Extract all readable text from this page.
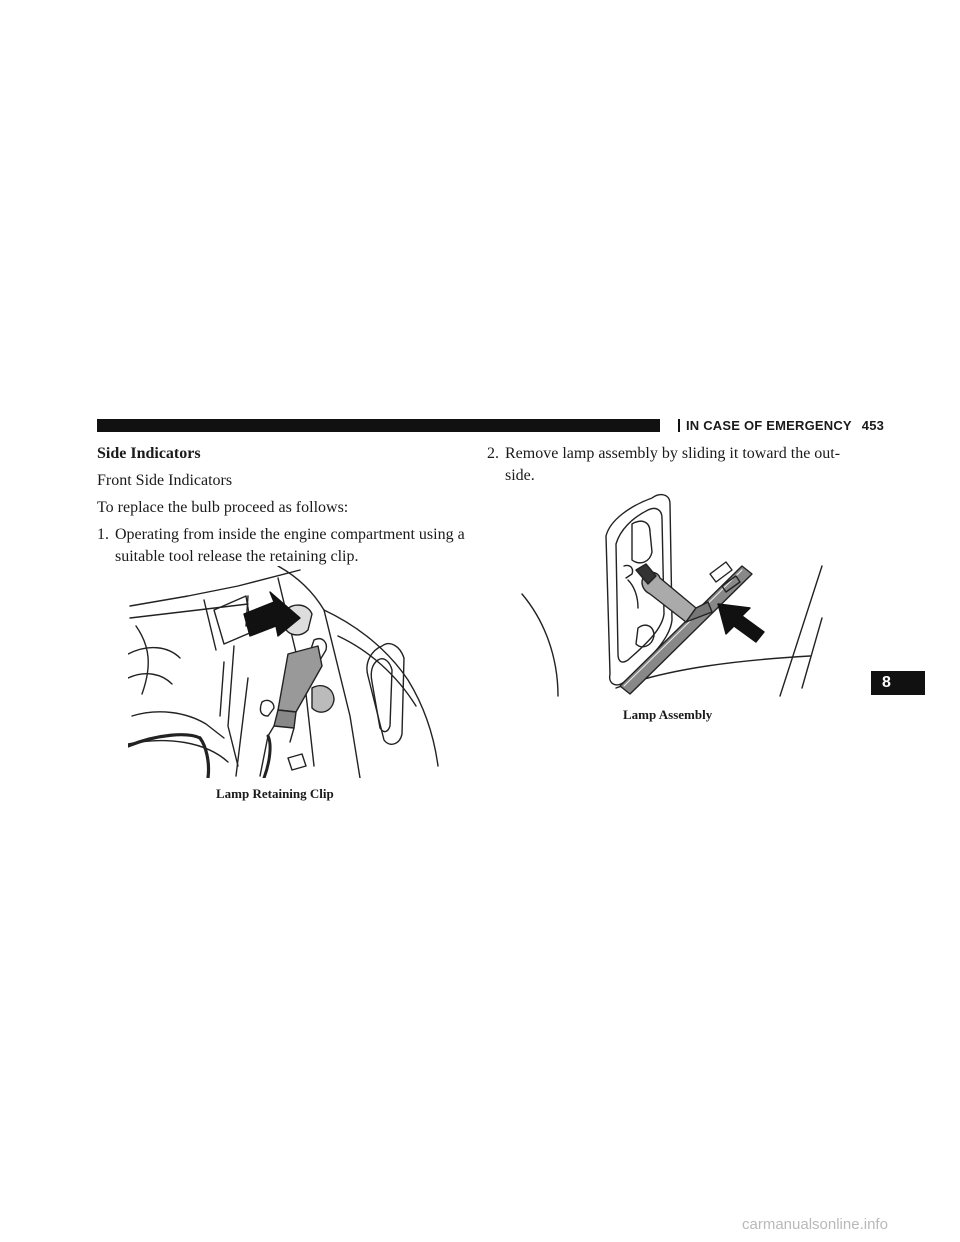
IN CASE OF EMERGENCY 453
Side Indicators
Front Side Indicators
To replace the bulb proceed as follows:
1. Operating from inside the engine compartment using a suitable tool release the retaining clip.
Lamp Retaining Clip
2. Remove lamp assembly by sliding it toward the out-side.
Lamp Assembly
8
carmanualsonline.info
